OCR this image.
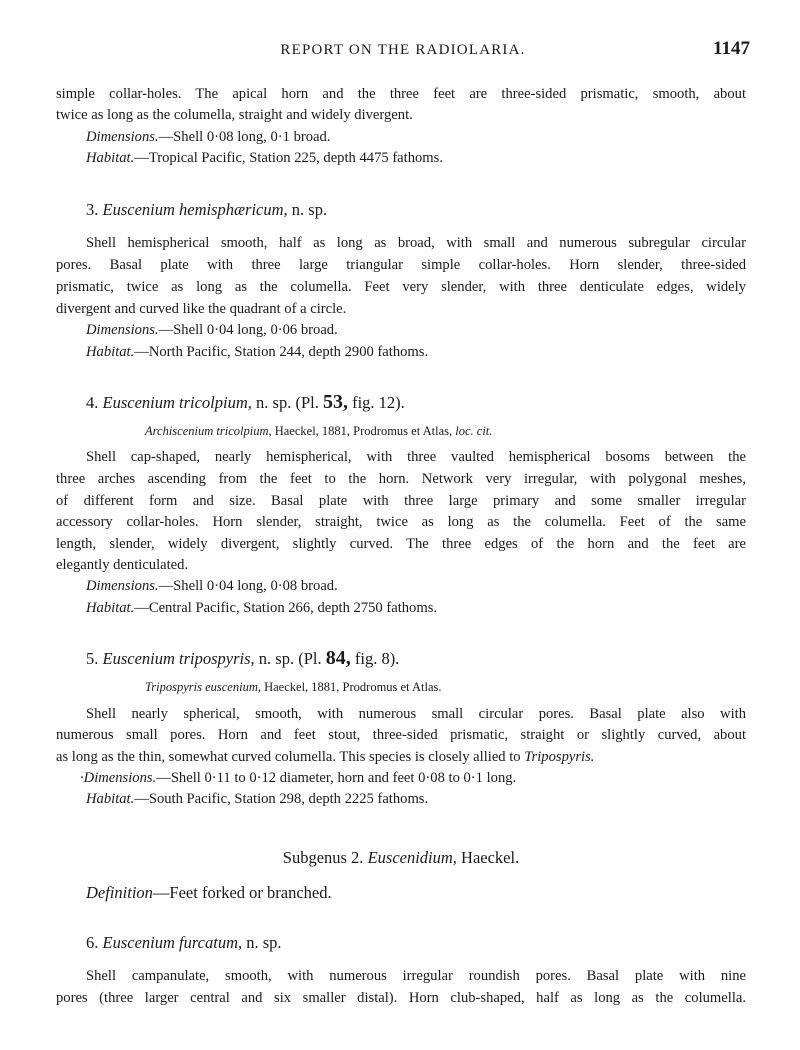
REPORT ON THE RADIOLARIA.	1147
simple collar-holes. The apical horn and the three feet are three-sided prismatic, smooth, about
twice as long as the columella, straight and widely divergent.
Dimensions.—Shell 0·08 long, 0·1 broad.
Habitat.—Tropical Pacific, Station 225, depth 4475 fathoms.
3. Euscenium hemisphæricum, n. sp.
Shell hemispherical smooth, half as long as broad, with small and numerous subregular circular
pores. Basal plate with three large triangular simple collar-holes. Horn slender, three-sided
prismatic, twice as long as the columella. Feet very slender, with three denticulate edges, widely
divergent and curved like the quadrant of a circle.
Dimensions.—Shell 0·04 long, 0·06 broad.
Habitat.—North Pacific, Station 244, depth 2900 fathoms.
4. Euscenium tricolpium, n. sp. (Pl. 53, fig. 12).
Archiscenium tricolpium, Haeckel, 1881, Prodromus et Atlas, loc. cit.
Shell cap-shaped, nearly hemispherical, with three vaulted hemispherical bosoms between the
three arches ascending from the feet to the horn. Network very irregular, with polygonal meshes,
of different form and size. Basal plate with three large primary and some smaller irregular
accessory collar-holes. Horn slender, straight, twice as long as the columella. Feet of the same
length, slender, widely divergent, slightly curved. The three edges of the horn and the feet are
elegantly denticulated.
Dimensions.—Shell 0·04 long, 0·08 broad.
Habitat.—Central Pacific, Station 266, depth 2750 fathoms.
5. Euscenium tripospyris, n. sp. (Pl. 84, fig. 8).
Tripospyris euscenium, Haeckel, 1881, Prodromus et Atlas.
Shell nearly spherical, smooth, with numerous small circular pores. Basal plate also with
numerous small pores. Horn and feet stout, three-sided prismatic, straight or slightly curved, about
as long as the thin, somewhat curved columella. This species is closely allied to Tripospyris.
·Dimensions.—Shell 0·11 to 0·12 diameter, horn and feet 0·08 to 0·1 long.
Habitat.—South Pacific, Station 298, depth 2225 fathoms.
Subgenus 2. Euscenidium, Haeckel.
Definition—Feet forked or branched.
6. Euscenium furcatum, n. sp.
Shell campanulate, smooth, with numerous irregular roundish pores. Basal plate with nine
pores (three larger central and six smaller distal). Horn club-shaped, half as long as the columella.
